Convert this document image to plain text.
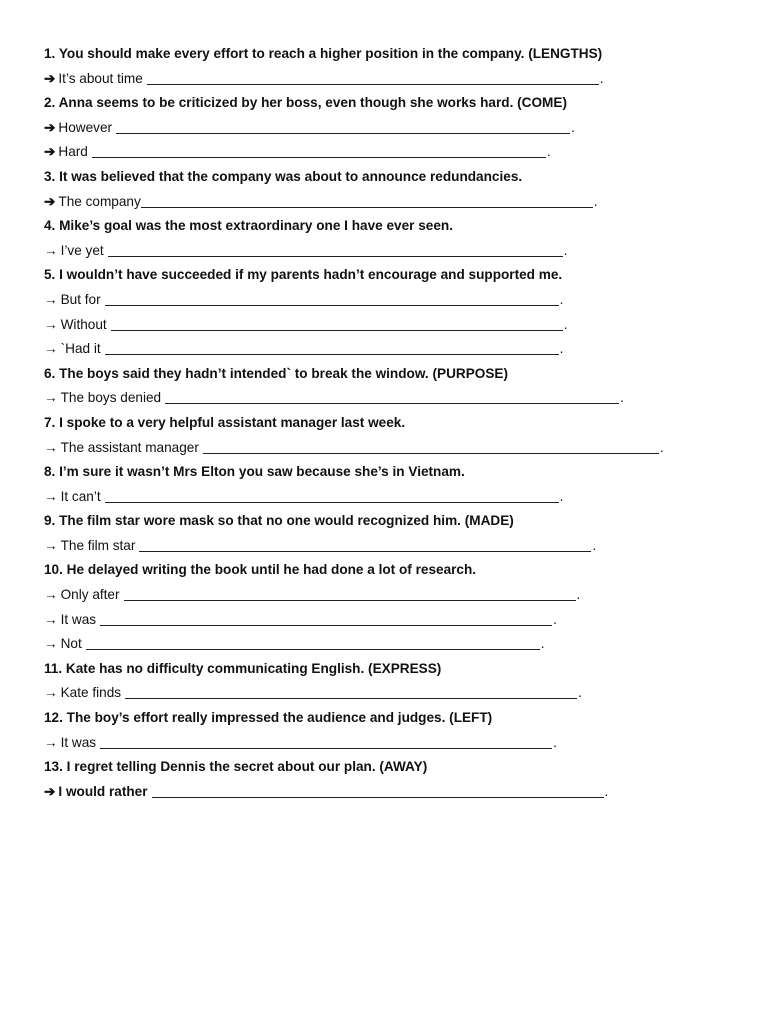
1. You should make every effort to reach a higher position in the company. (LENGTHS)
➔ It’s about time	.
2. Anna seems to be criticized by her boss, even though she works hard. (COME)
➔ However	.
➔ Hard	.
3. It was believed that the company was about to announce redundancies.
➔ The company	.
4. Mike’s goal was the most extraordinary one I have ever seen.
→ I’ve yet	.
5. I wouldn’t have succeeded if my parents hadn’t encourage and supported me.
→ But for	.
→ Without	.
→ `Had it	.
6. The boys said they hadn’t intended` to break the window. (PURPOSE)
→ The boys denied	.
7. I spoke to a very helpful assistant manager last week.
→ The assistant manager	.
8. I’m sure it wasn’t Mrs Elton you saw because she’s in Vietnam.
→ It can’t	.
9. The film star wore mask so that no one would recognized him. (MADE)
→ The film star	.
10. He delayed writing the book until he had done a lot of research.
→ Only after	.
→ It was	.
→ Not	.
11. Kate has no difficulty communicating English. (EXPRESS)
→ Kate finds	.
12. The boy’s effort really impressed the audience and judges. (LEFT)
→ It was	.
13. I regret telling Dennis the secret about our plan. (AWAY)
➔ I would rather	.
